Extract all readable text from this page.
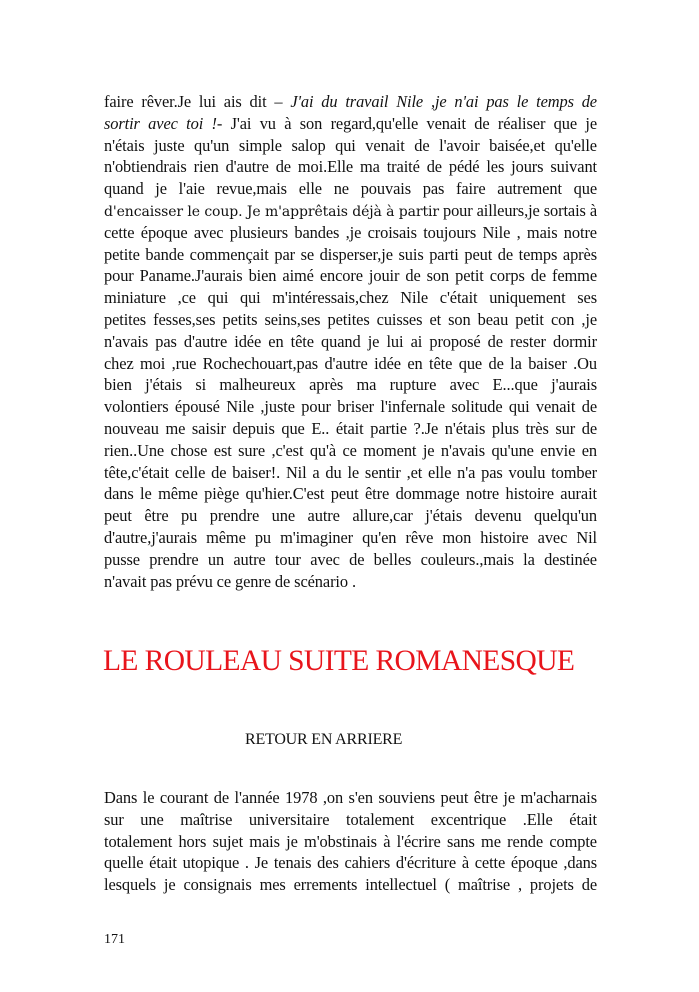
faire rêver.Je lui ais dit – J'ai du travail Nile ,je n'ai pas le temps de
sortir avec toi !- J'ai vu à son regard,qu'elle venait de réaliser que je
n'étais juste qu'un simple salop qui venait de l'avoir baisée,et qu'elle
n'obtiendrais rien d'autre de moi.Elle ma traité de pédé les jours suivant
quand je l'aie revue,mais elle ne pouvais pas faire autrement que
d'encaisser le coup. Je m'apprêtais déjà à partir pour ailleurs,je sortais à
cette époque avec plusieurs bandes ,je croisais toujours Nile , mais notre
petite bande commençait par se disperser,je suis parti peut de temps après
pour Paname.J'aurais bien aimé encore jouir de son petit corps de femme
miniature ,ce qui qui m'intéressais,chez Nile c'était uniquement ses
petites fesses,ses petits seins,ses petites cuisses et son beau petit con ,je
n'avais pas d'autre idée en tête quand je lui ai proposé de rester dormir
chez moi ,rue Rochechouart,pas d'autre idée en tête que de la baiser .Ou
bien j'étais si malheureux après ma rupture avec E...que j'aurais
volontiers épousé Nile ,juste pour briser l'infernale solitude qui venait de
nouveau me saisir depuis que E.. était partie ?.Je n'étais plus très sur de
rien..Une chose est sure ,c'est qu'à ce moment je n'avais qu'une envie en
tête,c'était celle de baiser!. Nil a du le sentir ,et elle n'a pas voulu tomber
dans le même piège qu'hier.C'est peut être dommage notre histoire aurait
peut être pu prendre une autre allure,car j'étais devenu quelqu'un
d'autre,j'aurais même pu m'imaginer qu'en rêve mon histoire avec Nil
pusse prendre un autre tour avec de belles couleurs.,mais la destinée
n'avait pas prévu ce genre de scénario .
LE ROULEAU SUITE ROMANESQUE
RETOUR EN ARRIERE
Dans le courant de l'année 1978 ,on s'en souviens peut être je m'acharnais
sur une maîtrise universitaire totalement excentrique .Elle était
totalement hors sujet mais je m'obstinais à l'écrire sans me rende compte
quelle était utopique . Je tenais des cahiers d'écriture à cette époque ,dans
lesquels je consignais mes errements intellectuel ( maîtrise , projets de
171
